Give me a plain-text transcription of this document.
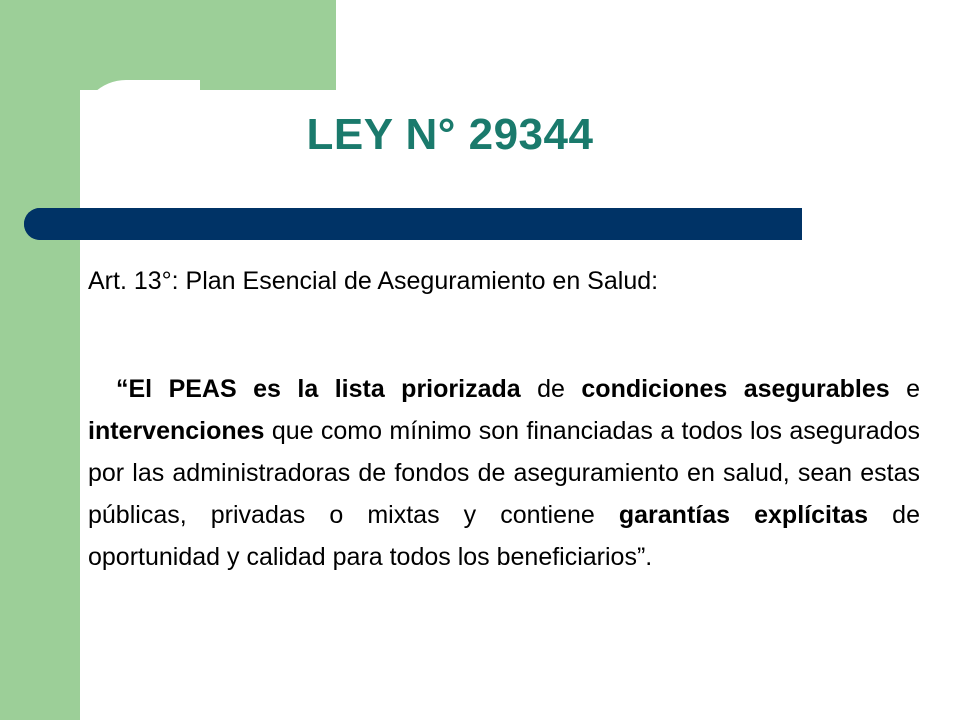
LEY N° 29344
Art. 13°: Plan Esencial de Aseguramiento en Salud:
“El PEAS es la lista priorizada de condiciones asegurables e intervenciones que como mínimo son financiadas a todos los asegurados por las administradoras de fondos de aseguramiento en salud, sean estas públicas, privadas o mixtas y contiene garantías explícitas de oportunidad y calidad para todos los beneficiarios”.
